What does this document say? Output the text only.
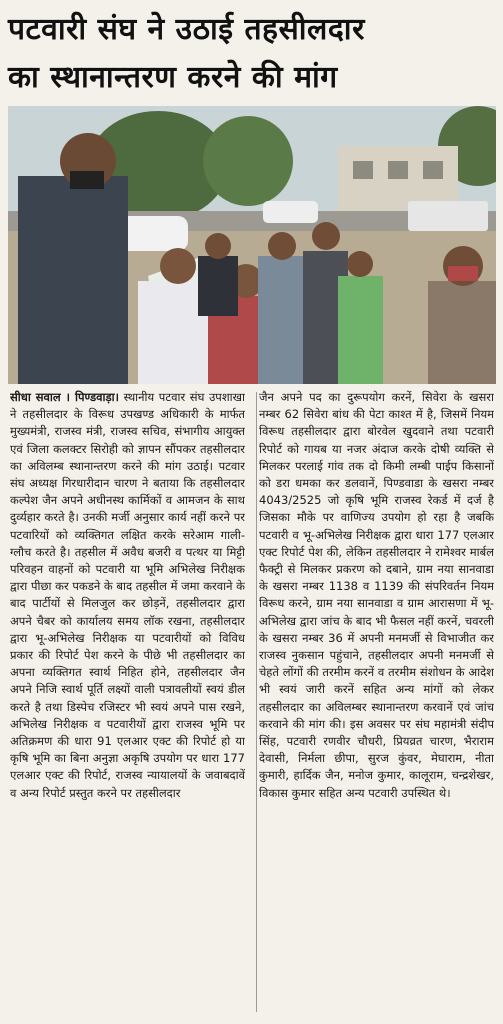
पटवारी संघ ने उठाई तहसीलदार
का स्थानान्तरण करने की मांग

सीधा सवाल । पिण्डवाड़ा। स्थानीय पटवार संघ उपशाखा ने तहसीलदार के विरूध उपखण्ड अधिकारी के मार्फत मुख्यमंत्री, राजस्व मंत्री, राजस्व सचिव, संभागीय आयुक्त एवं जिला कलक्टर सिरोही को ज्ञापन सौंपकर तहसीलदार का अविलम्ब स्थानान्तरण करने की मांग उठाई। पटवार संघ अध्यक्ष गिरधारीदान चारण ने बताया कि तहसीलदार कल्पेश जैन अपने अधीनस्थ कार्मिकों व आमजन के साथ दुर्व्यहार करते है। उनकी मर्जी अनुसार कार्य नहीं करने पर पटवारियों को व्यक्तिगत लक्षित करके सरेआम गाली-ग्लौच करते है। तहसील में अवैध बजरी व पत्थर या मिट्टी परिवहन वाहनों को पटवारी या भूमि अभिलेख निरीक्षक द्वारा पीछा कर पकडने के बाद तहसील में जमा करवाने के बाद पार्टीयों से मिलजुल कर छोड़नें, तहसीलदार द्वारा अपने चैबर को कार्यालय समय लॉक रखना, तहसीलदार द्वारा भू-अभिलेख निरीक्षक या पटवारीयों को विविध प्रकार की रिपोर्ट पेश करने के पीछे भी तहसीलदार का अपना व्यक्तिगत स्वार्थ निहित होने, तहसीलदार जैन अपने निजि स्वार्थ पूर्ति लक्ष्यों वाली पत्रावलीयों स्वयं डील करते है तथा डिस्पेच रजिस्टर भी स्वयं अपने पास रखने, अभिलेख निरीक्षक व पटवारीयों द्वारा राजस्व भूमि पर अतिक्रमण की धारा 91 एलआर एक्ट की रिपोर्ट हो या कृषि भूमि का बिना अनुज्ञा अकृषि उपयोग पर धारा 177 एलआर एक्ट की रिपोर्ट, राजस्व न्यायालयों के जवाबदावें व अन्य रिपोर्ट प्रस्तुत करने पर तहसीलदार

जैन अपने पद का दुरूपयोग करनें, सिवेरा के खसरा नम्बर 62 सिवेरा बांध की पेटा काश्त में है, जिसमें नियम विरूध तहसीलदार द्वारा बोरवेल खुदवाने तथा पटवारी रिपोर्ट को गायब या नजर अंदाज करके दोषी व्यक्ति से मिलकर परलाई गांव तक दो किमी लम्बी पाईप किसानों को डरा धमका कर डलवानें, पिण्डवाडा के खसरा नम्बर 4043/2525 जो कृषि भूमि राजस्व रेकर्ड में दर्ज है जिसका मौके पर वाणिज्य उपयोग हो रहा है जबकि पटवारी व भू-अभिलेख निरीक्षक द्वारा धारा 177 एलआर एक्ट रिपोर्ट पेश की, लेकिन तहसीलदार ने रामेश्वर मार्बल फैक्ट्री से मिलकर प्रकरण को दबाने, ग्राम नया सानवाडा के खसरा नम्बर 1138 व 1139 की संपरिवर्तन नियम विरूध करने, ग्राम नया सानवाडा व ग्राम आरासणा में भू-अभिलेख द्वारा जांच के बाद भी फैसल नहीं करनें, चवरली के खसरा नम्बर 36 में अपनी मनमर्जी से विभाजीत कर राजस्व नुकसान पहुंचाने, तहसीलदार अपनी मनमर्जी से चेहते लोंगों की तरमीम करनें व तरमीम संशोधन के आदेश भी स्वयं जारी करनें सहित अन्य मांगों को लेकर तहसीलदार का अविलम्बर स्थानान्तरण करवानें एवं जांच करवाने की मांग की। इस अवसर पर संघ महामंत्री संदीप सिंह, पटवारी रणवीर चौधरी, प्रियव्रत चारण, भैराराम देवासी, निर्मला छीपा, सुरज कुंवर, मेघाराम, नीता कुमारी, हार्दिक जैन, मनोज कुमार, कालूराम, चन्द्रशेखर, विकास कुमार सहित अन्य पटवारी उपस्थित थे।
